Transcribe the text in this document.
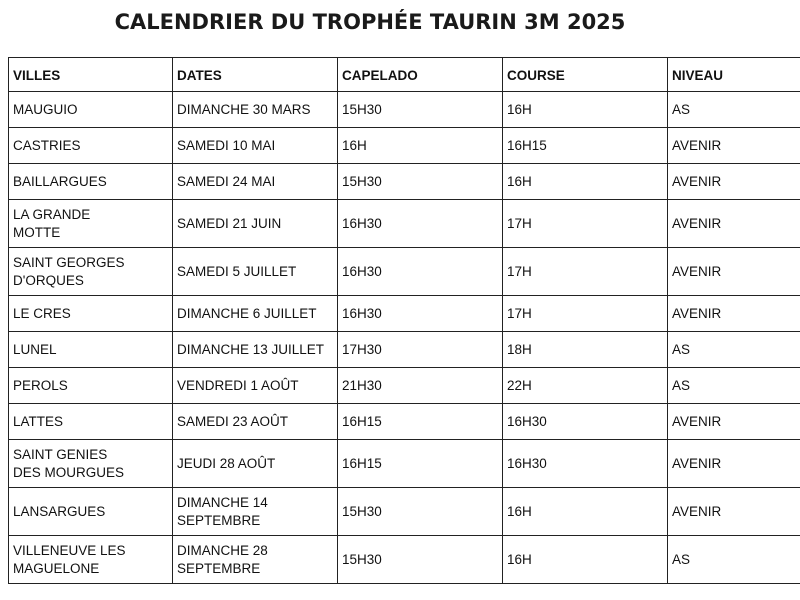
CALENDRIER DU TROPHÉE TAURIN 3M 2025
VILLES	DATES	CAPELADO	COURSE	NIVEAU

MAUGUIO	DIMANCHE 30 MARS	15H30	16H	AS

CASTRIES	SAMEDI 10 MAI	16H	16H15	AVENIR

BAILLARGUES	SAMEDI 24 MAI	15H30	16H	AVENIR

LA GRANDE
MOTTE	SAMEDI 21 JUIN	16H30	17H	AVENIR

SAINT GEORGES
D'ORQUES	SAMEDI 5 JUILLET	16H30	17H	AVENIR

LE CRES	DIMANCHE 6 JUILLET	16H30	17H	AVENIR

LUNEL	DIMANCHE 13 JUILLET	17H30	18H	AS

PEROLS	VENDREDI 1 AOÛT	21H30	22H	AS

LATTES	SAMEDI 23 AOÛT	16H15	16H30	AVENIR

SAINT GENIES
DES MOURGUES	JEUDI 28 AOÛT	16H15	16H30	AVENIR

LANSARGUES	DIMANCHE 14
SEPTEMBRE	15H30	16H	AVENIR

VILLENEUVE LES
MAGUELONE	DIMANCHE 28
SEPTEMBRE	15H30	16H	AS
